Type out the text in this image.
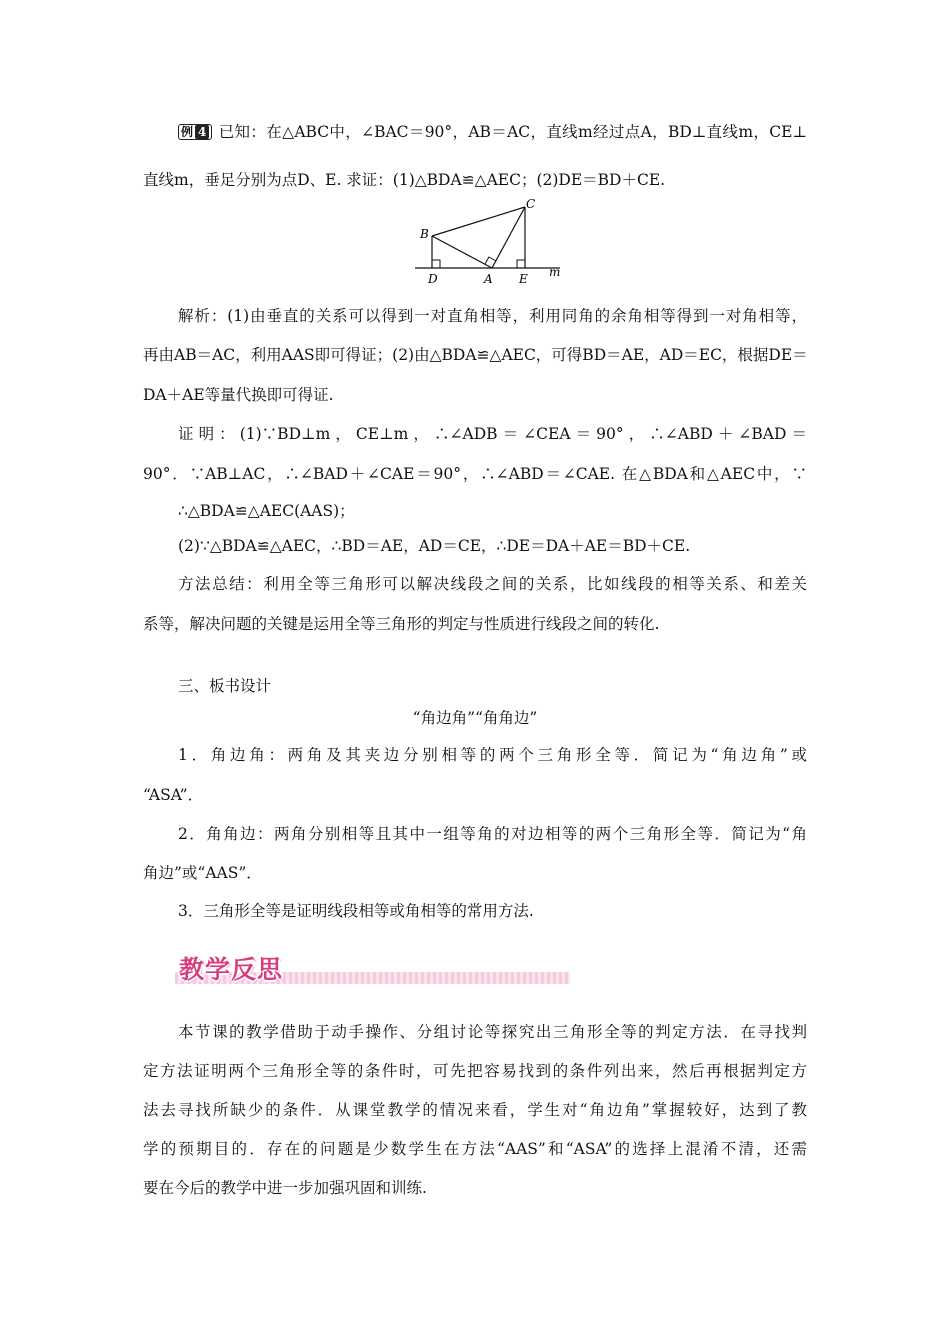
例 4 已知：在△ABC中，∠BAC＝90°，AB＝AC，直线m经过点A，BD⊥直线m，CE⊥
直线m，垂足分别为点D、E. 求证：(1)△BDA≌△AEC；(2)DE＝BD＋CE.
B
C
D	A E m
解析：(1)由垂直的关系可以得到一对直角相等，利用同角的余角相等得到一对角相等，
再由AB＝AC，利用AAS即可得证；(2)由△BDA≌△AEC，可得BD＝AE，AD＝EC，根据DE＝
DA＋AE等量代换即可得证.
证明：(1)∵BD⊥m，CE⊥m，∴∠ADB＝∠CEA＝90°，∴∠ABD＋∠BAD＝
90°．∵AB⊥AC，∴∠BAD＋∠CAE＝90°，∴∠ABD＝∠CAE. 在△BDA和△AEC中，∵
∴△BDA≌△AEC(AAS)；
(2)∵△BDA≌△AEC，∴BD＝AE，AD＝CE，∴DE＝DA＋AE＝BD＋CE.
方法总结：利用全等三角形可以解决线段之间的关系，比如线段的相等关系、和差关
系等，解决问题的关键是运用全等三角形的判定与性质进行线段之间的转化.
三、板书设计
“角边角”“角角边”
1．角边角：两角及其夹边分别相等的两个三角形全等．简记为“角边角”或
“ASA”．
2．角角边：两角分别相等且其中一组等角的对边相等的两个三角形全等．简记为“角
角边”或“AAS”．
3．三角形全等是证明线段相等或角相等的常用方法.
教学反思
本节课的教学借助于动手操作、分组讨论等探究出三角形全等的判定方法．在寻找判
定方法证明两个三角形全等的条件时，可先把容易找到的条件列出来，然后再根据判定方
法去寻找所缺少的条件．从课堂教学的情况来看，学生对“角边角”掌握较好，达到了教
学的预期目的．存在的问题是少数学生在方法“AAS”和“ASA”的选择上混淆不清，还需
要在今后的教学中进一步加强巩固和训练.
